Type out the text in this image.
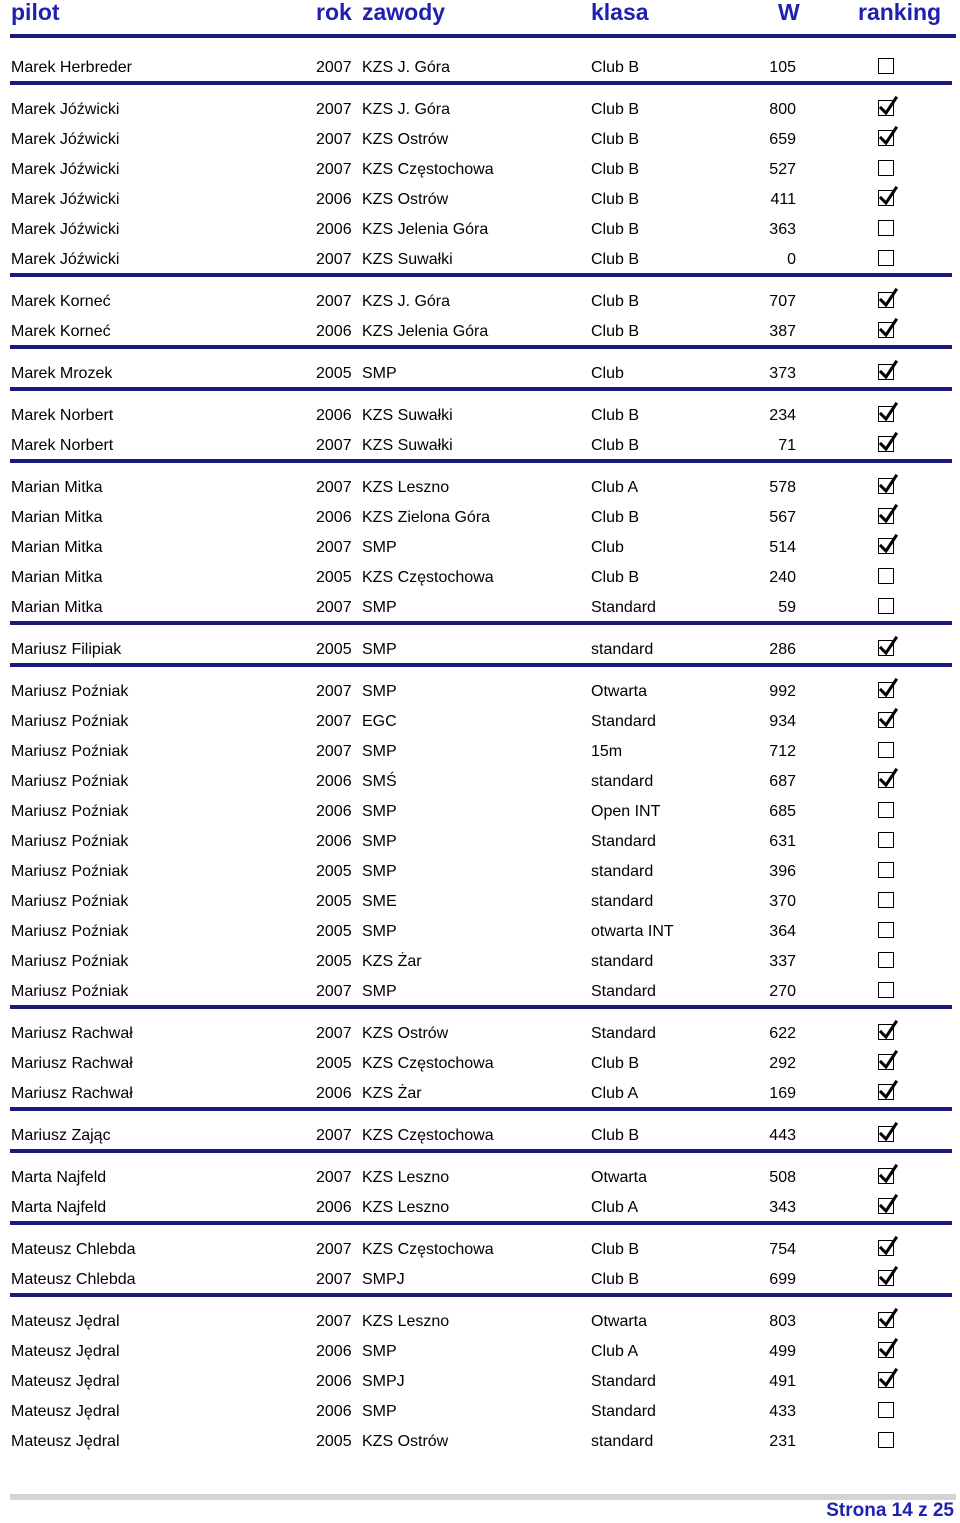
pilot	rok zawody	klasa	W	ranking
Marek Herbreder	2007 KZS J. Góra	Club B	105
Marek Jóźwicki	2007 KZS J. Góra	Club B	800
Marek Jóźwicki	2007 KZS Ostrów	Club B	659
Marek Jóźwicki	2007 KZS Częstochowa	Club B	527
Marek Jóźwicki	2006 KZS Ostrów	Club B	411
Marek Jóźwicki	2006 KZS Jelenia Góra	Club B	363
Marek Jóźwicki	2007 KZS Suwałki	Club B	0
Marek Korneć	2007 KZS J. Góra	Club B	707
Marek Korneć	2006 KZS Jelenia Góra	Club B	387
Marek Mrozek	2005 SMP	Club	373
Marek Norbert	2006 KZS Suwałki	Club B	234
Marek Norbert	2007 KZS Suwałki	Club B	71
Marian Mitka	2007 KZS Leszno	Club A	578
Marian Mitka	2006 KZS Zielona Góra	Club B	567
Marian Mitka	2007 SMP	Club	514
Marian Mitka	2005 KZS Częstochowa	Club B	240
Marian Mitka	2007 SMP	Standard	59
Mariusz Filipiak	2005 SMP	standard	286
Mariusz Poźniak	2007 SMP	Otwarta	992
Mariusz Poźniak	2007 EGC	Standard	934
Mariusz Poźniak	2007 SMP	15m	712
Mariusz Poźniak	2006 SMŚ	standard	687
Mariusz Poźniak	2006 SMP	Open INT	685
Mariusz Poźniak	2006 SMP	Standard	631
Mariusz Poźniak	2005 SMP	standard	396
Mariusz Poźniak	2005 SME	standard	370
Mariusz Poźniak	2005 SMP	otwarta INT	364
Mariusz Poźniak	2005 KZS Żar	standard	337
Mariusz Poźniak	2007 SMP	Standard	270
Mariusz Rachwał	2007 KZS Ostrów	Standard	622
Mariusz Rachwał	2005 KZS Częstochowa	Club B	292
Mariusz Rachwał	2006 KZS Żar	Club A	169
Mariusz Zając	2007 KZS Częstochowa	Club B	443
Marta Najfeld	2007 KZS Leszno	Otwarta	508
Marta Najfeld	2006 KZS Leszno	Club A	343
Mateusz Chlebda	2007 KZS Częstochowa	Club B	754
Mateusz Chlebda	2007 SMPJ	Club B	699
Mateusz Jędral	2007 KZS Leszno	Otwarta	803
Mateusz Jędral	2006 SMP	Club A	499
Mateusz Jędral	2006 SMPJ	Standard	491
Mateusz Jędral	2006 SMP	Standard	433
Mateusz Jędral	2005 KZS Ostrów	standard	231
Strona 14 z 25
